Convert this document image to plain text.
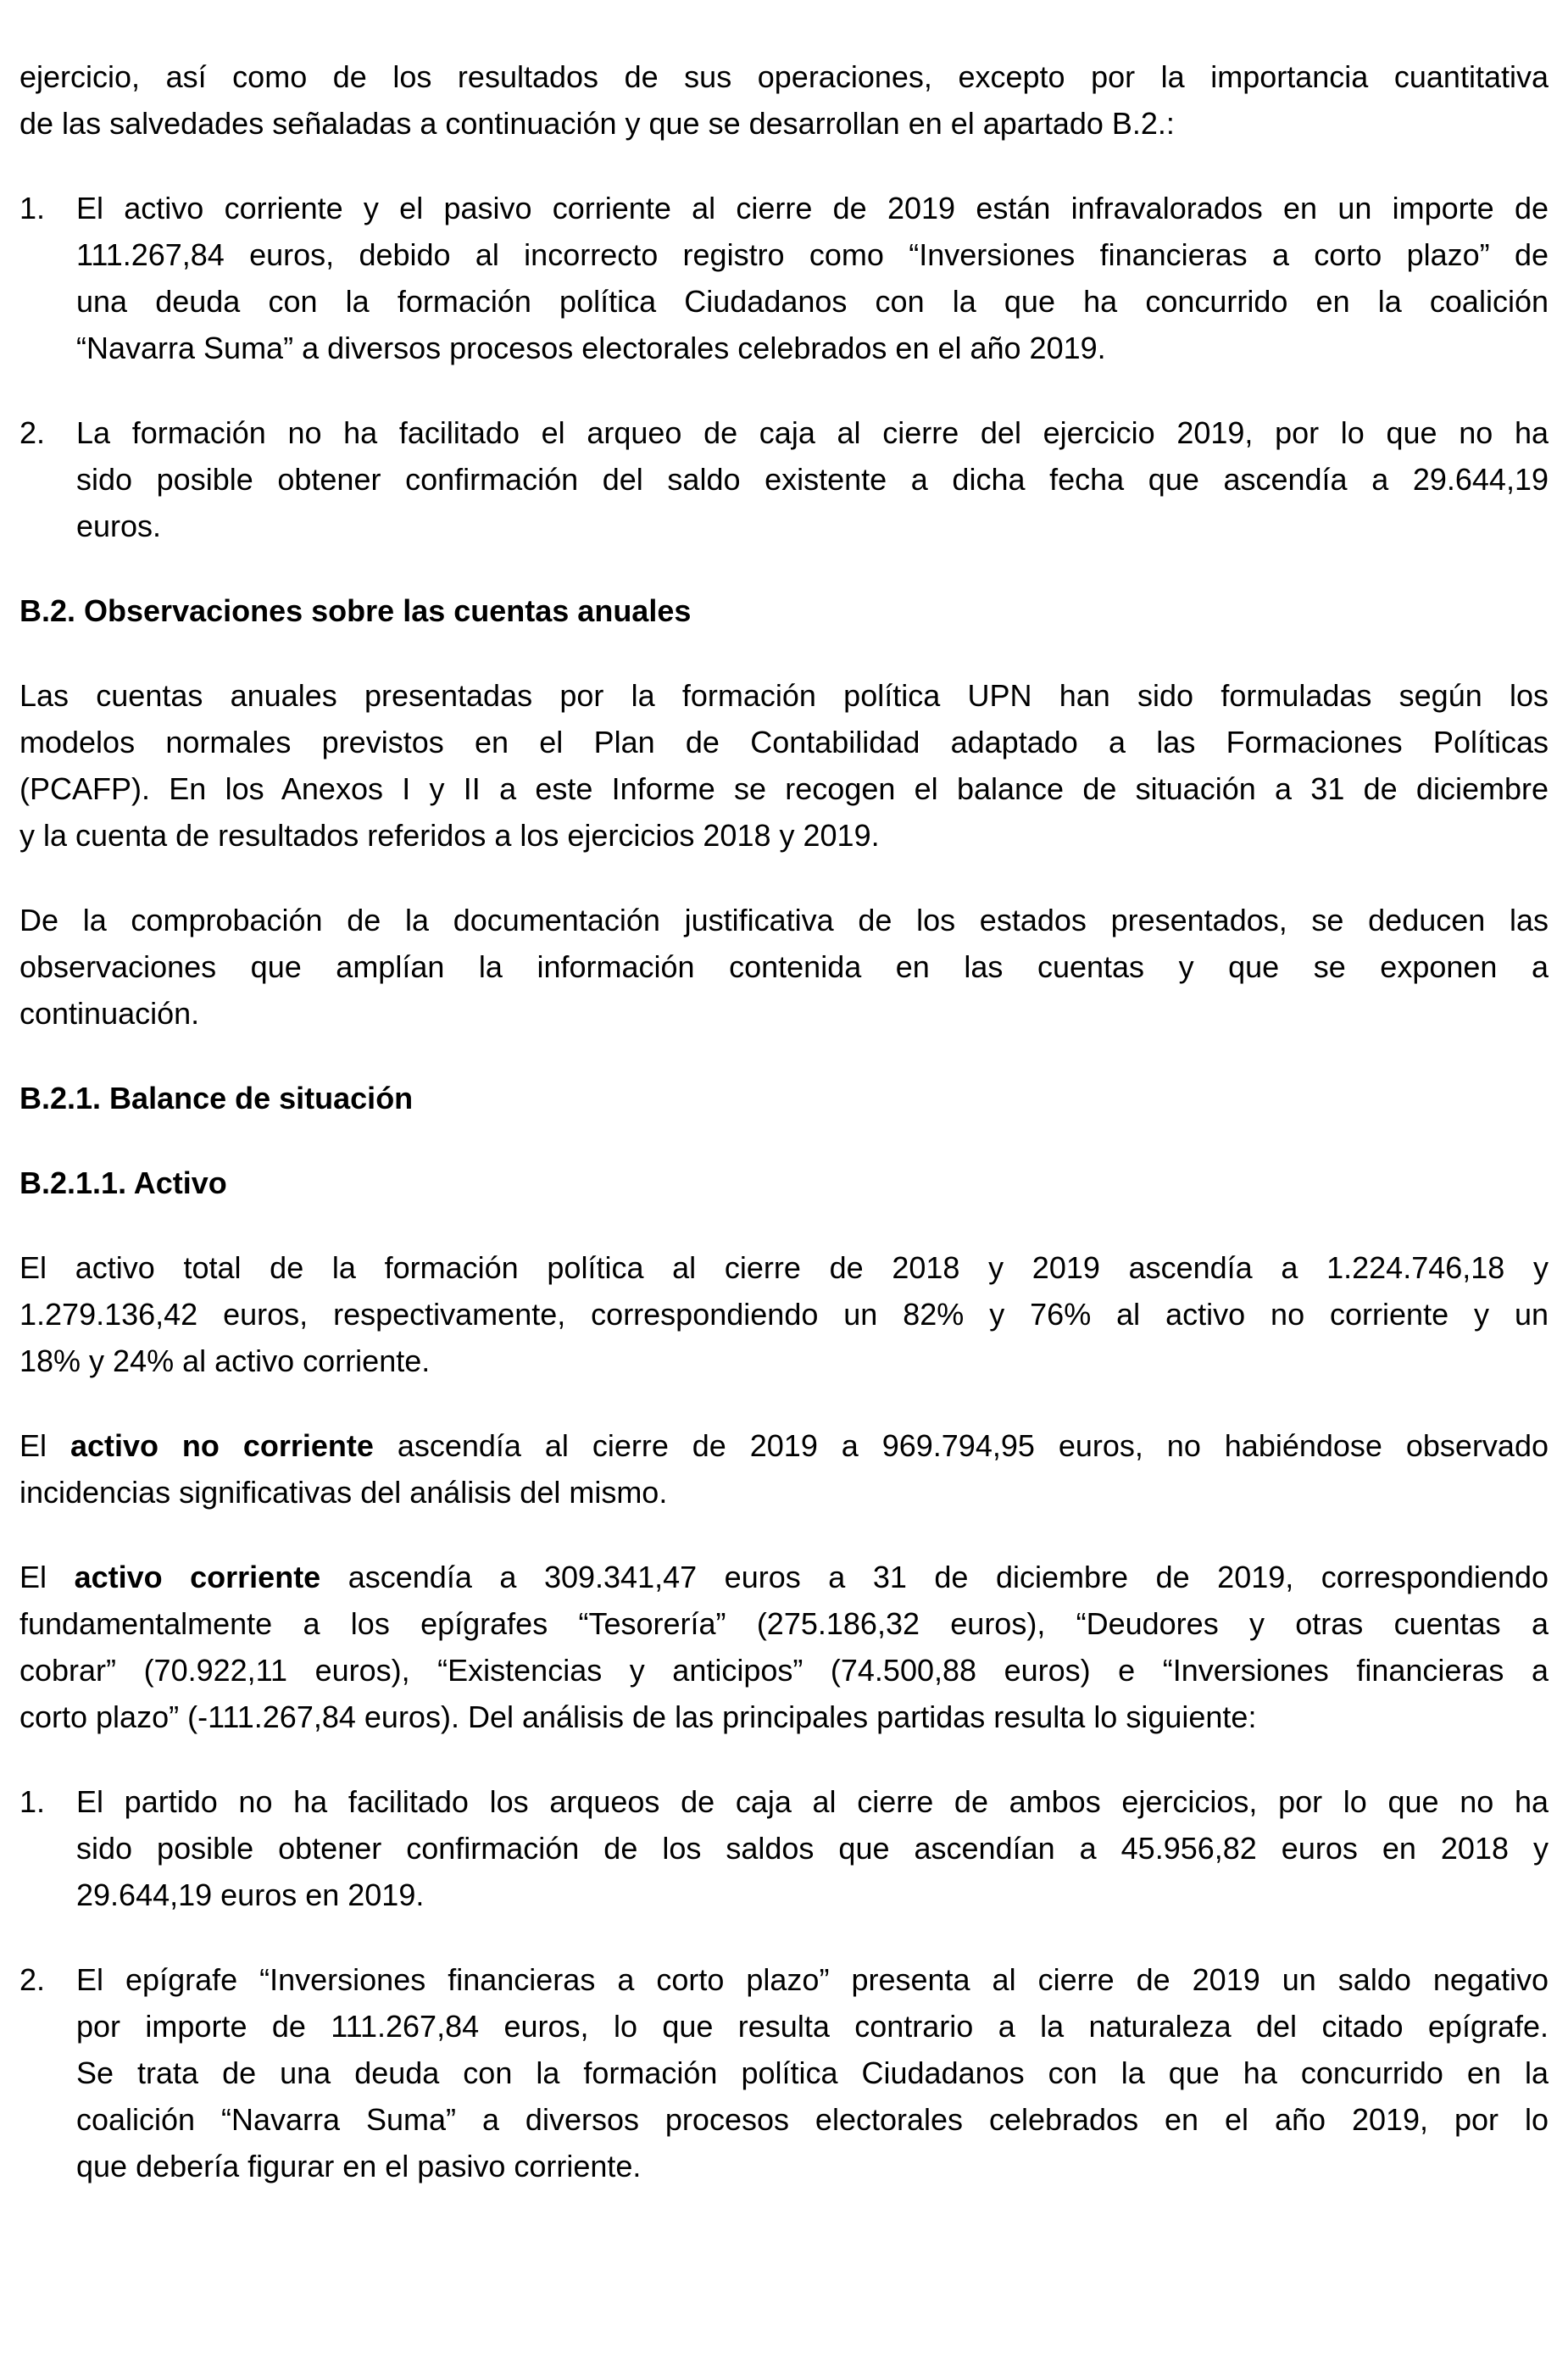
ejercicio, así como de los resultados de sus operaciones, excepto por la importancia cuantitativa
de las salvedades señaladas a continuación y que se desarrollan en el apartado B.2.:
1. El activo corriente y el pasivo corriente al cierre de 2019 están infravalorados en un importe de
111.267,84 euros, debido al incorrecto registro como “Inversiones financieras a corto plazo” de
una deuda con la formación política Ciudadanos con la que ha concurrido en la coalición
“Navarra Suma” a diversos procesos electorales celebrados en el año 2019.
2. La formación no ha facilitado el arqueo de caja al cierre del ejercicio 2019, por lo que no ha
sido posible obtener confirmación del saldo existente a dicha fecha que ascendía a 29.644,19
euros.
B.2. Observaciones sobre las cuentas anuales
Las cuentas anuales presentadas por la formación política UPN han sido formuladas según los
modelos normales previstos en el Plan de Contabilidad adaptado a las Formaciones Políticas
(PCAFP). En los Anexos I y II a este Informe se recogen el balance de situación a 31 de diciembre
y la cuenta de resultados referidos a los ejercicios 2018 y 2019.
De la comprobación de la documentación justificativa de los estados presentados, se deducen las
observaciones que amplían la información contenida en las cuentas y que se exponen a
continuación.
B.2.1. Balance de situación
B.2.1.1. Activo
El activo total de la formación política al cierre de 2018 y 2019 ascendía a 1.224.746,18 y
1.279.136,42 euros, respectivamente, correspondiendo un 82% y 76% al activo no corriente y un
18% y 24% al activo corriente.
El activo no corriente ascendía al cierre de 2019 a 969.794,95 euros, no habiéndose observado
incidencias significativas del análisis del mismo.
El activo corriente ascendía a 309.341,47 euros a 31 de diciembre de 2019, correspondiendo
fundamentalmente a los epígrafes “Tesorería” (275.186,32 euros), “Deudores y otras cuentas a
cobrar” (70.922,11 euros), “Existencias y anticipos” (74.500,88 euros) e “Inversiones financieras a
corto plazo” (-111.267,84 euros). Del análisis de las principales partidas resulta lo siguiente:
1. El partido no ha facilitado los arqueos de caja al cierre de ambos ejercicios, por lo que no ha
sido posible obtener confirmación de los saldos que ascendían a 45.956,82 euros en 2018 y
29.644,19 euros en 2019.
2. El epígrafe “Inversiones financieras a corto plazo” presenta al cierre de 2019 un saldo negativo
por importe de 111.267,84 euros, lo que resulta contrario a la naturaleza del citado epígrafe.
Se trata de una deuda con la formación política Ciudadanos con la que ha concurrido en la
coalición “Navarra Suma” a diversos procesos electorales celebrados en el año 2019, por lo
que debería figurar en el pasivo corriente.
